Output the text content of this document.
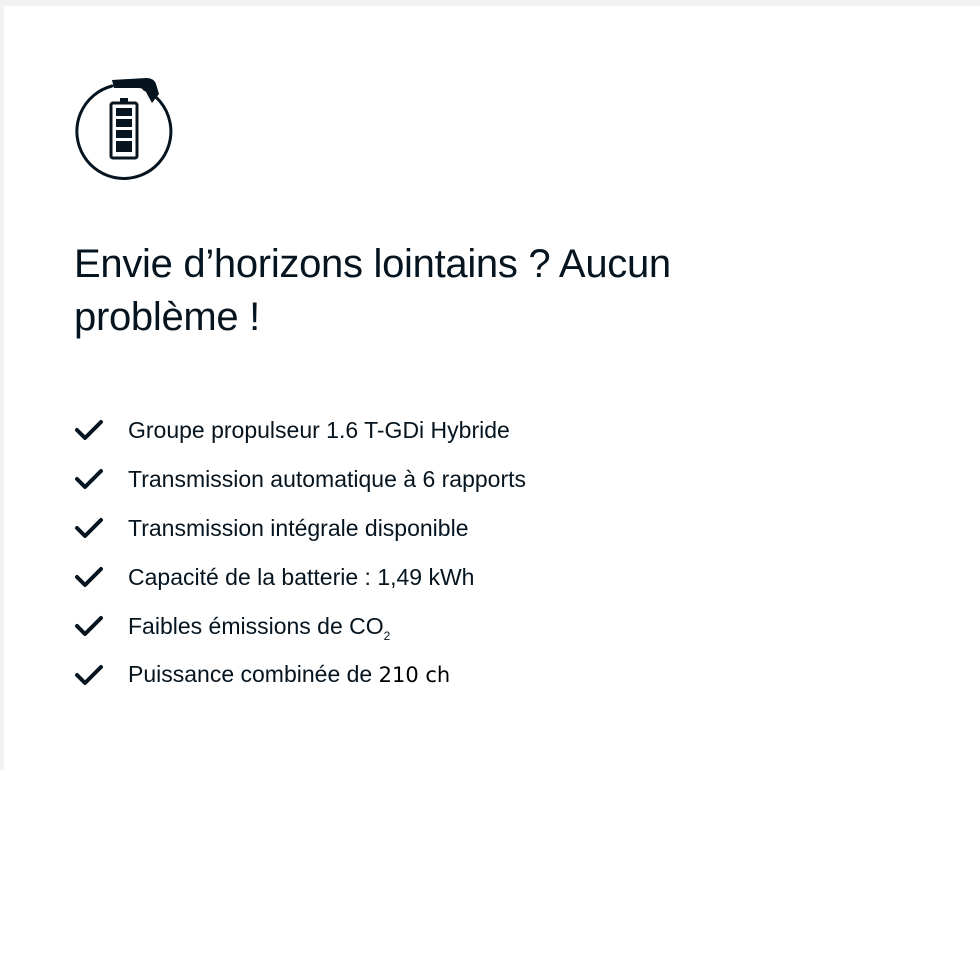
Envie d’horizons lointains ? Aucun problème !
Groupe propulseur 1.6 T-GDi Hybride
Transmission automatique à 6 rapports
Transmission intégrale disponible
Capacité de la batterie : 1,49 kWh
Faibles émissions de $CO_2$
Puissance combinée de 210 ch
